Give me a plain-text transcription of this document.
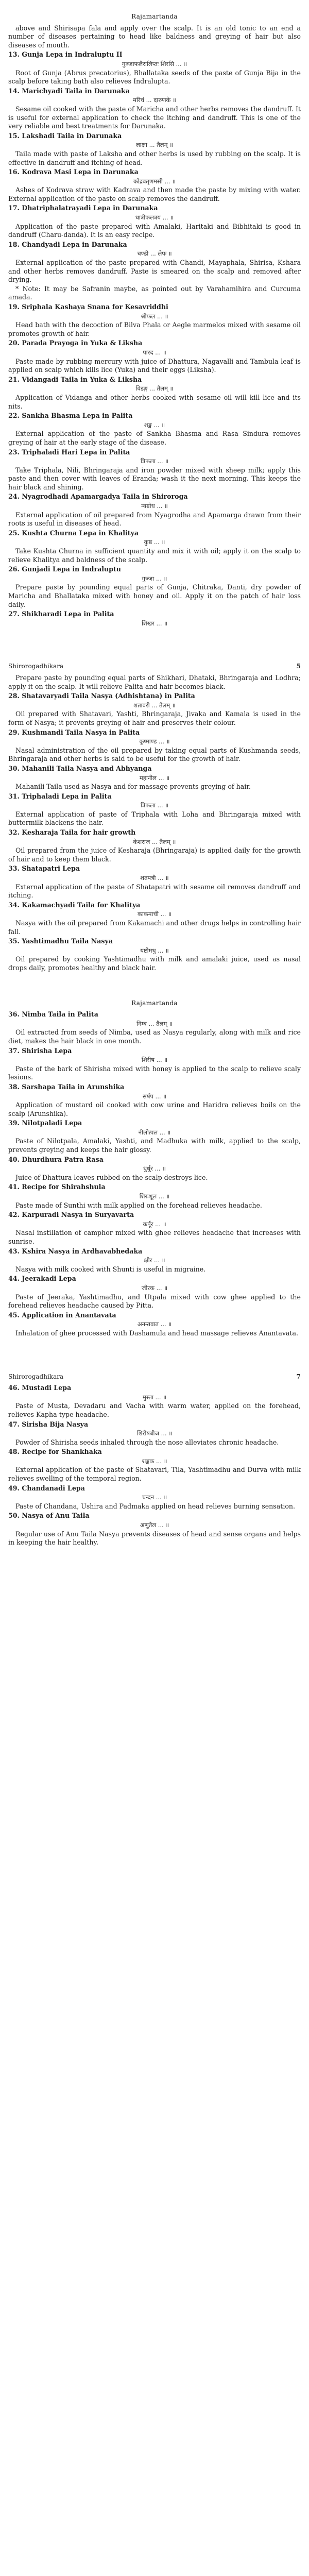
Rajamartanda
above and Shirisapa fala and apply over the scalp. It is an old tonic to an end a number of diseases pertaining to head like baldness and greying of hair but also diseases of mouth.
13. Gunja Lepa in Indraluptu II
गुञ्जाफलैरालिप्तः शिरसि ... ॥
Root of Gunja (Abrus precatorius), Bhallataka seeds of the paste of Gunja Bija in the scalp before taking bath also relieves Indralupta.
14. Marichyadi Taila in Darunaka
मरिचं ... दारुणके ॥
Sesame oil cooked with the paste of Maricha and other herbs removes the dandruff. It is useful for external application to check the itching and dandruff. This is one of the very reliable and best treatments for Darunaka.
15. Lakshadi Taila in Darunaka
लाक्षा ... तैलम् ॥
Taila made with paste of Laksha and other herbs is used by rubbing on the scalp. It is effective in dandruff and itching of head.
16. Kodrava Masi Lepa in Darunaka
कोद्रवतृणमसी ... ॥
Ashes of Kodrava straw with Kadrava and then made the paste by mixing with water. External application of the paste on scalp removes the dandruff.
17. Dhatriphalatrayadi Lepa in Darunaka
धात्रीफलत्रय ... ॥
Application of the paste prepared with Amalaki, Haritaki and Bibhitaki is good in dandruff (Charu-danda). It is an easy recipe.
18. Chandyadi Lepa in Darunaka
चण्डी ... लेपः ॥
External application of the paste prepared with Chandi, Mayaphala, Shirisa, Kshara and other herbs removes dandruff. Paste is smeared on the scalp and removed after drying.
* Note: It may be Safranin maybe, as pointed out by Varahamihira and Curcuma amada.
19. Sriphala Kashaya Snana for Kesavriddhi
श्रीफल ... ॥
Head bath with the decoction of Bilva Phala or Aegle marmelos mixed with sesame oil promotes growth of hair.
20. Parada Prayoga in Yuka & Liksha
पारद ... ॥
Paste made by rubbing mercury with juice of Dhattura, Nagavalli and Tambula leaf is applied on scalp which kills lice (Yuka) and their eggs (Liksha).
21. Vidangadi Taila in Yuka & Liksha
विडङ्ग ... तैलम् ॥
Application of Vidanga and other herbs cooked with sesame oil will kill lice and its nits.
22. Sankha Bhasma Lepa in Palita
शङ्ख ... ॥
External application of the paste of Sankha Bhasma and Rasa Sindura removes greying of hair at the early stage of the disease.
23. Triphaladi Hari Lepa in Palita
त्रिफला ... ॥
Take Triphala, Nili, Bhringaraja and iron powder mixed with sheep milk; apply this paste and then cover with leaves of Eranda; wash it the next morning. This keeps the hair black and shining.
24. Nyagrodhadi Apamargadya Taila in Shiroroga
न्यग्रोध ... ॥
External application of oil prepared from Nyagrodha and Apamarga drawn from their roots is useful in diseases of head.
25. Kushta Churna Lepa in Khalitya
कुष्ठ ... ॥
Take Kushta Churna in sufficient quantity and mix it with oil; apply it on the scalp to relieve Khalitya and baldness of the scalp.
26. Gunjadi Lepa in Indraluptu
गुञ्जा ... ॥
Prepare paste by pounding equal parts of Gunja, Chitraka, Danti, dry powder of Maricha and Bhallataka mixed with honey and oil. Apply it on the patch of hair loss daily.
27. Shikharadi Lepa in Palita
शिखर ... ॥
Shirorogadhikara	5
Prepare paste by pounding equal parts of Shikhari, Dhataki, Bhringaraja and Lodhra; apply it on the scalp. It will relieve Palita and hair becomes black.
28. Shatavaryadi Taila Nasya (Adhishtana) in Palita
शतावरी ... तैलम् ॥
Oil prepared with Shatavari, Yashti, Bhringaraja, Jivaka and Kamala is used in the form of Nasya; it prevents greying of hair and preserves their colour.
29. Kushmandi Taila Nasya in Palita
कूष्माण्ड ... ॥
Nasal administration of the oil prepared by taking equal parts of Kushmanda seeds, Bhringaraja and other herbs is said to be useful for the growth of hair.
30. Mahanili Taila Nasya and Abhyanga
महानील ... ॥
Mahanili Taila used as Nasya and for massage prevents greying of hair.
31. Triphaladi Lepa in Palita
त्रिफला ... ॥
External application of paste of Triphala with Loha and Bhringaraja mixed with buttermilk blackens the hair.
32. Kesharaja Taila for hair growth
केशराज ... तैलम् ॥
Oil prepared from the juice of Kesharaja (Bhringaraja) is applied daily for the growth of hair and to keep them black.
33. Shatapatri Lepa
शतपत्री ... ॥
External application of the paste of Shatapatri with sesame oil removes dandruff and itching.
34. Kakamachyadi Taila for Khalitya
काकमाची ... ॥
Nasya with the oil prepared from Kakamachi and other drugs helps in controlling hair fall.
35. Yashtimadhu Taila Nasya
यष्टीमधु ... ॥
Oil prepared by cooking Yashtimadhu with milk and amalaki juice, used as nasal drops daily, promotes healthy and black hair.
Rajamartanda
36. Nimba Taila in Palita
निम्ब ... तैलम् ॥
Oil extracted from seeds of Nimba, used as Nasya regularly, along with milk and rice diet, makes the hair black in one month.
37. Shirisha Lepa
शिरीष ... ॥
Paste of the bark of Shirisha mixed with honey is applied to the scalp to relieve scaly lesions.
38. Sarshapa Taila in Arunshika
सर्षप ... ॥
Application of mustard oil cooked with cow urine and Haridra relieves boils on the scalp (Arunshika).
39. Nilotpaladi Lepa
नीलोत्पल ... ॥
Paste of Nilotpala, Amalaki, Yashti, and Madhuka with milk, applied to the scalp, prevents greying and keeps the hair glossy.
40. Dhurdhura Patra Rasa
धुर्धूर ... ॥
Juice of Dhattura leaves rubbed on the scalp destroys lice.
41. Recipe for Shirahshula
शिरःशूल ... ॥
Paste made of Sunthi with milk applied on the forehead relieves headache.
42. Karpuradi Nasya in Suryavarta
कर्पूर ... ॥
Nasal instillation of camphor mixed with ghee relieves headache that increases with sunrise.
43. Kshira Nasya in Ardhavabhedaka
क्षीर ... ॥
Nasya with milk cooked with Shunti is useful in migraine.
44. Jeerakadi Lepa
जीरक ... ॥
Paste of Jeeraka, Yashtimadhu, and Utpala mixed with cow ghee applied to the forehead relieves headache caused by Pitta.
45. Application in Anantavata
अनन्तवात ... ॥
Inhalation of ghee processed with Dashamula and head massage relieves Anantavata.
Shirorogadhikara	7
46. Mustadi Lepa
मुस्ता ... ॥
Paste of Musta, Devadaru and Vacha with warm water, applied on the forehead, relieves Kapha-type headache.
47. Sirisha Bija Nasya
शिरीषबीज ... ॥
Powder of Shirisha seeds inhaled through the nose alleviates chronic headache.
48. Recipe for Shankhaka
शङ्खक ... ॥
External application of the paste of Shatavari, Tila, Yashtimadhu and Durva with milk relieves swelling of the temporal region.
49. Chandanadi Lepa
चन्दन ... ॥
Paste of Chandana, Ushira and Padmaka applied on head relieves burning sensation.
50. Nasya of Anu Taila
अणुतैल ... ॥
Regular use of Anu Taila Nasya prevents diseases of head and sense organs and helps in keeping the hair healthy.
